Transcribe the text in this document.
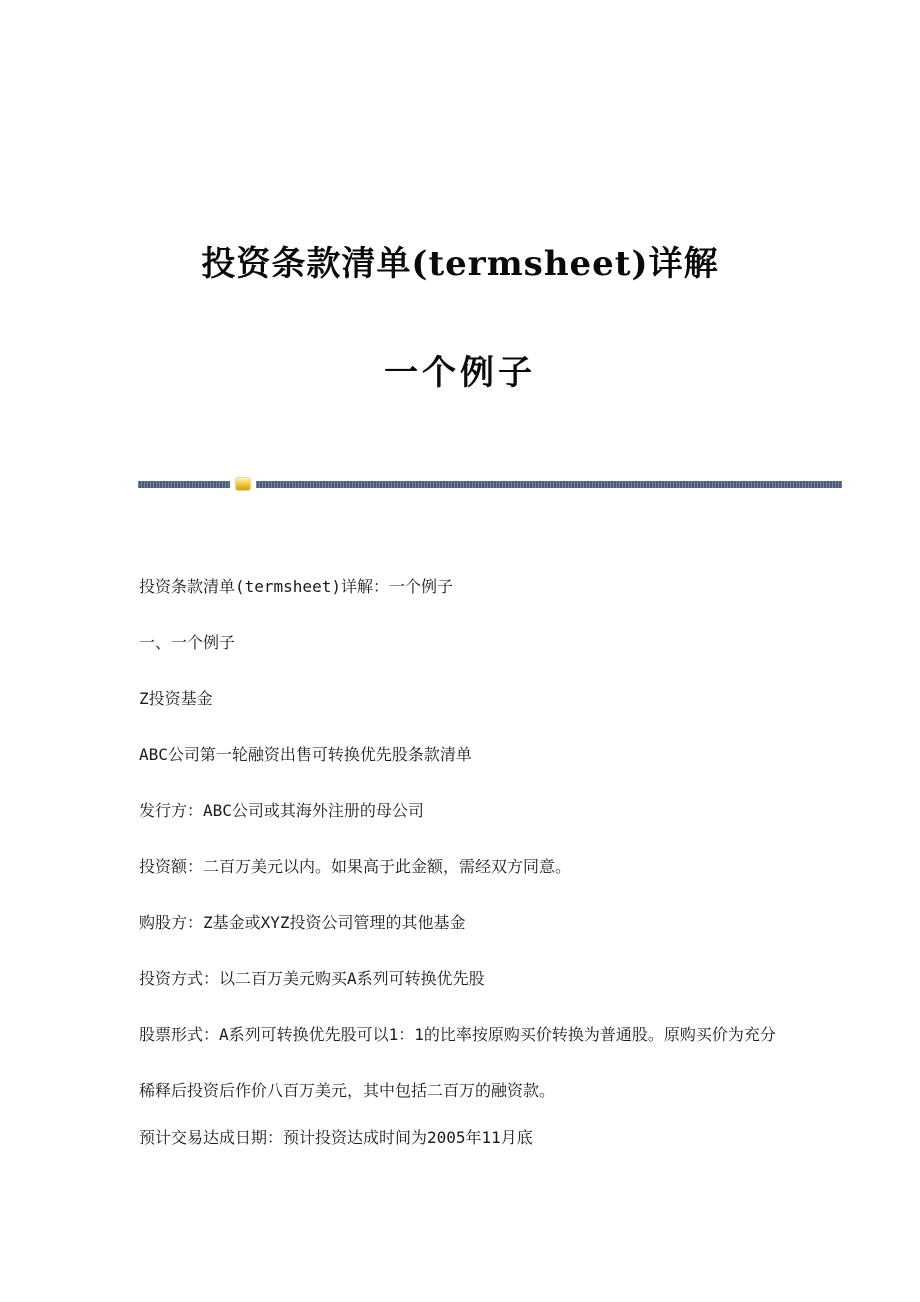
投资条款清单(termsheet)详解
一个例子

投资条款清单(termsheet)详解：一个例子

一、一个例子

Z投资基金

ABC公司第一轮融资出售可转换优先股条款清单

发行方：ABC公司或其海外注册的母公司

投资额：二百万美元以内。如果高于此金额，需经双方同意。

购股方：Z基金或XYZ投资公司管理的其他基金

投资方式：以二百万美元购买A系列可转换优先股

股票形式：A系列可转换优先股可以1：1的比率按原购买价转换为普通股。原购买价为充分稀释后投资后作价八百万美元，其中包括二百万的融资款。

预计交易达成日期：预计投资达成时间为2005年11月底
